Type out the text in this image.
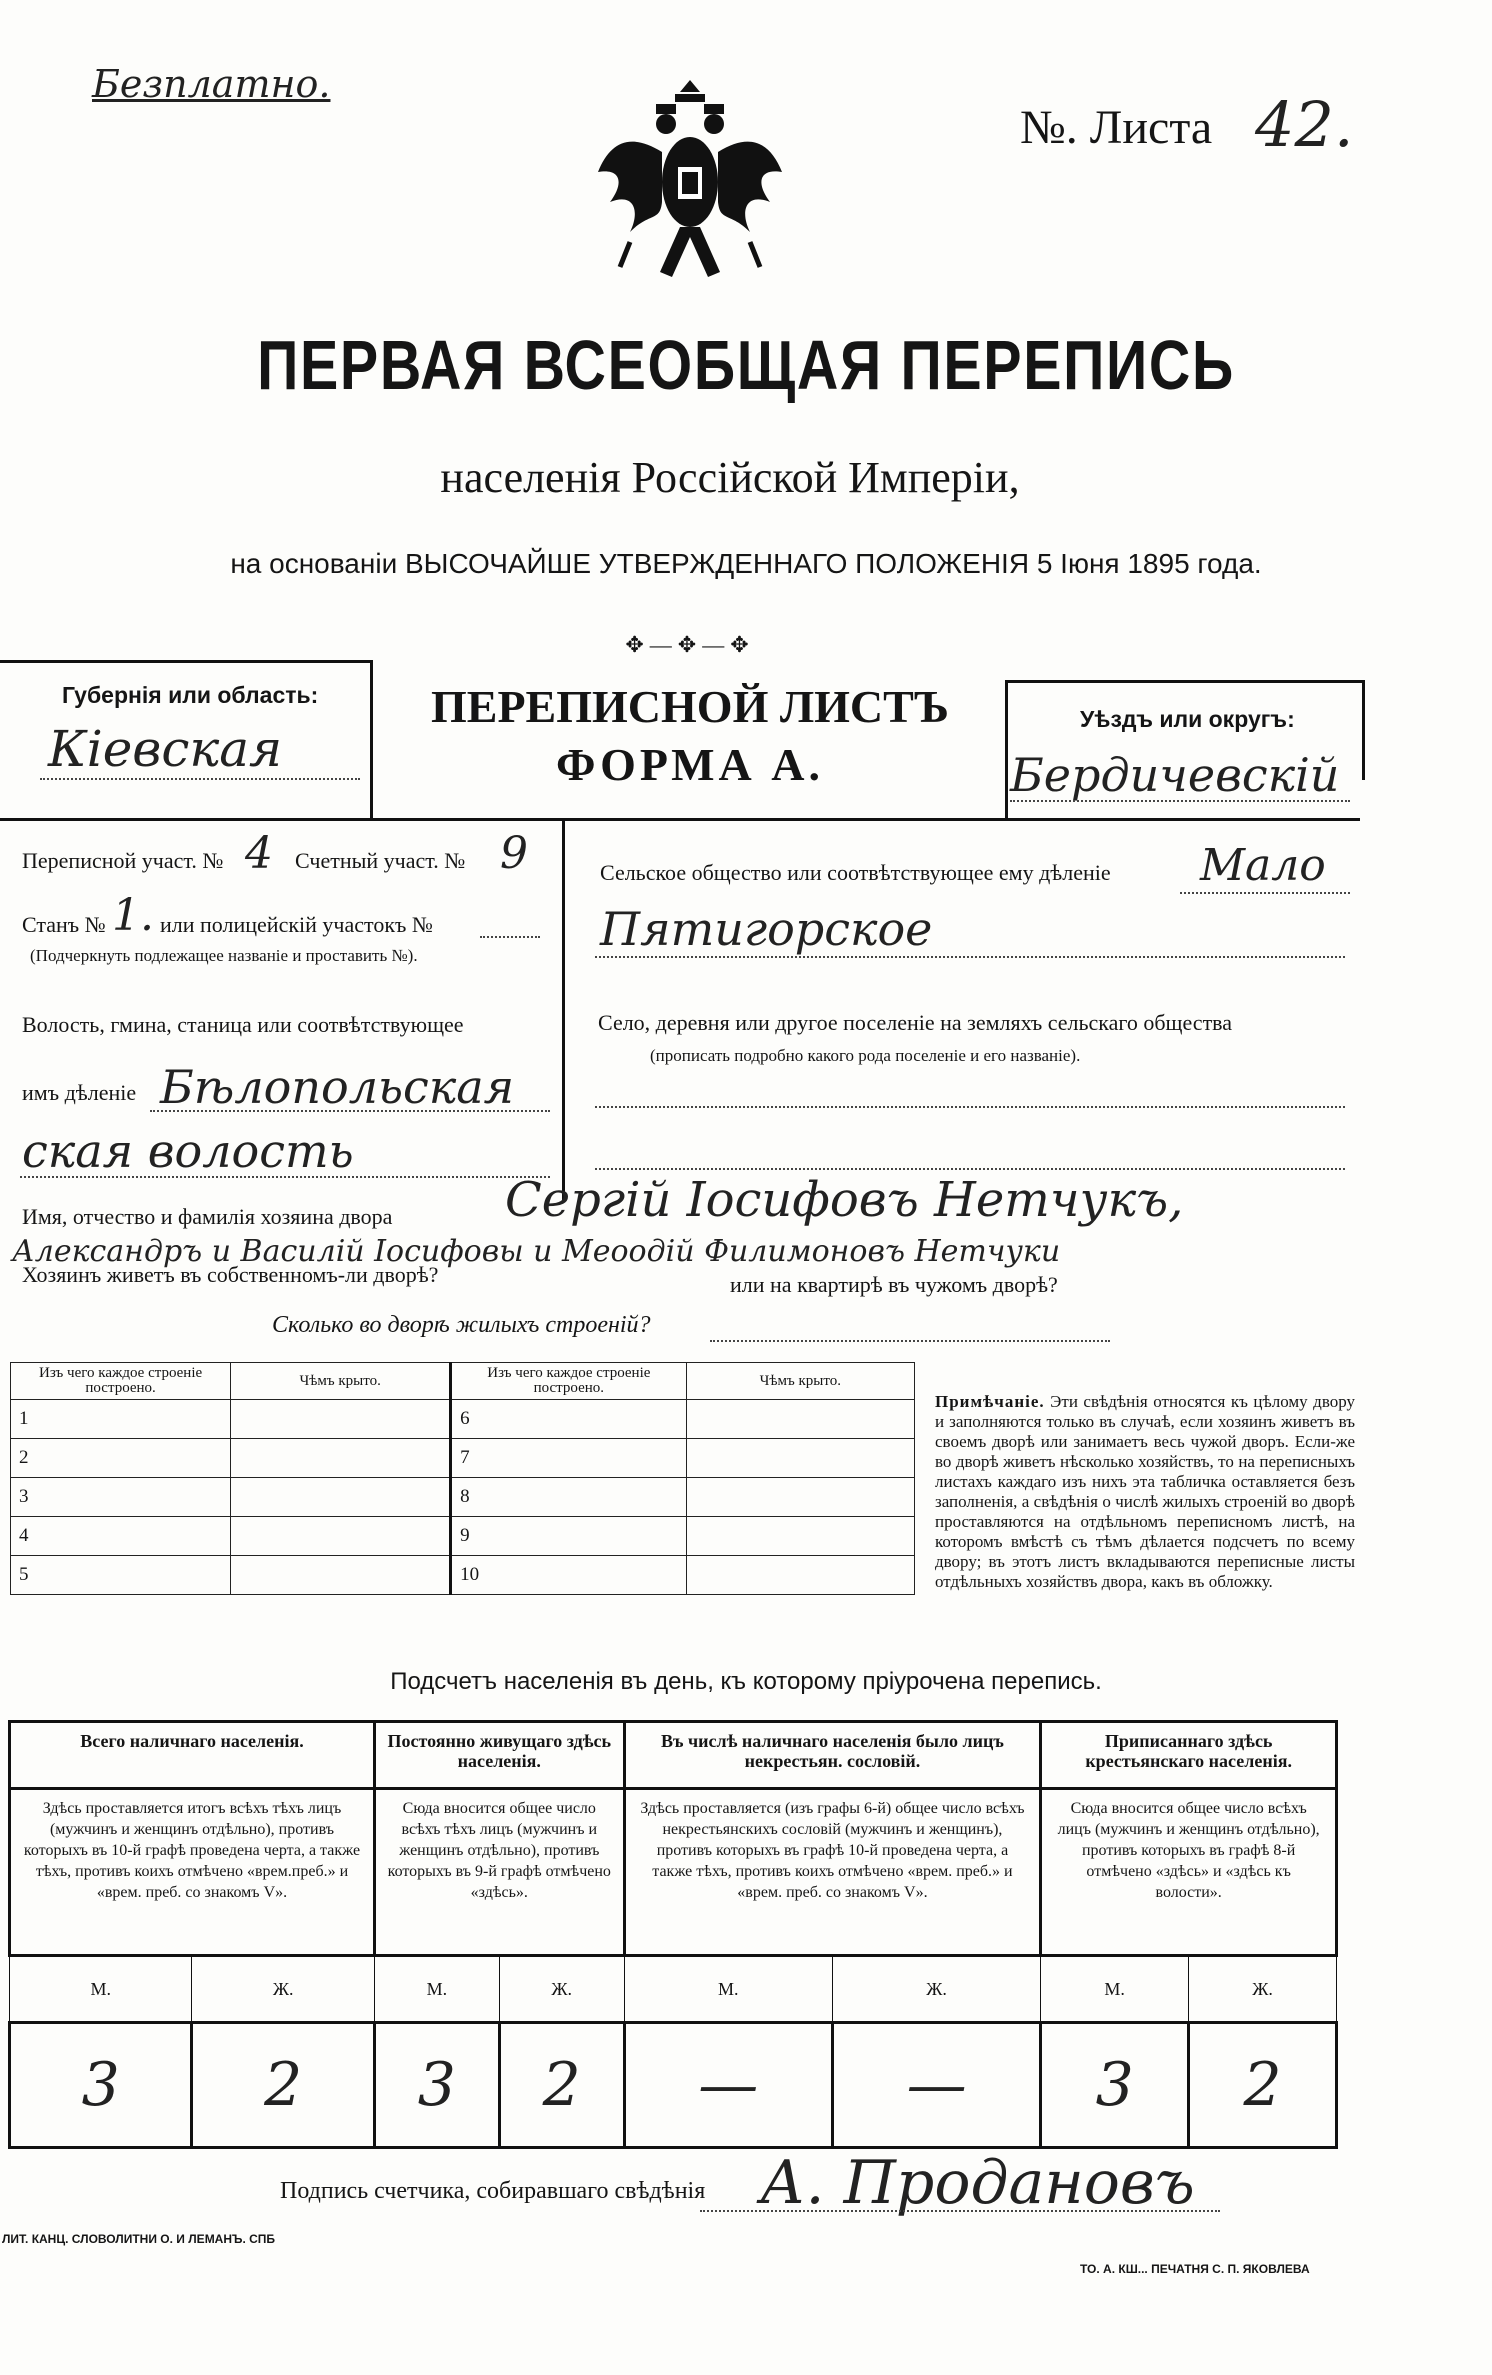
Безплатно.
№. Листа 42.
ПЕРВАЯ ВСЕОБЩАЯ ПЕРЕПИСЬ
населенія Россійской Имперіи,
на основаніи ВЫСОЧАЙШЕ УТВЕРЖДЕННАГО ПОЛОЖЕНІЯ 5 Іюня 1895 года.
✥—✥—✥
Губернія или область:
Кіевская
ПЕРЕПИСНОЙ ЛИСТЪ
ФОРМА А.
Уѣздъ или округъ:
Бердичевскій
Переписной участ. № 4 Счетный участ. № 9
Станъ № 1. или полицейскій участокъ №
(Подчеркнуть подлежащее названіе и проставить №).
Волость, гмина, станица или соотвѣтствующее
имъ дѣленіе Бѣлопольская
ская волость
Сельское общество или соотвѣтствующее ему дѣленіе Мало
Пятигорское
Село, деревня или другое поселеніе на земляхъ сельскаго общества
(прописать подробно какого рода поселеніе и его названіе).
Имя, отчество и фамилія хозяина двора Сергій Іосифовъ Нетчукъ,
Александръ и Василій Іосифовы и Меоодій Филимоновъ Нетчуки
Хозяинъ живетъ въ собственномъ-ли дворѣ?	или на квартирѣ въ чужомъ дворѣ?
Сколько во дворѣ жилыхъ строеній?
Изъ чего каждое строеніе построено.	Чѣмъ крыто.	Изъ чего каждое строеніе построено.	Чѣмъ крыто.
1		6	
2		7	
3		8	
4		9	
5		10	
Примѣчаніе. Эти свѣдѣнія относятся къ цѣлому двору и заполняются только въ случаѣ, если хозяинъ живетъ въ своемъ дворѣ или занимаетъ весь чужой дворъ. Если-же во дворѣ живетъ нѣсколько хозяйствъ, то на переписныхъ листахъ каждаго изъ нихъ эта табличка оставляется безъ заполненія, а свѣдѣнія о числѣ жилыхъ строеній во дворѣ проставляются на отдѣльномъ переписномъ листѣ, на которомъ вмѣстѣ съ тѣмъ дѣлается подсчетъ по всему двору; въ этотъ листъ вкладываются переписные листы отдѣльныхъ хозяйствъ двора, какъ въ обложку.
Подсчетъ населенія въ день, къ которому пріурочена перепись.
Всего наличнаго населенія.		Постоянно живущаго здѣсь населенія.		Въ числѣ наличнаго населенія было лицъ некрестьян. сословій.		Приписаннаго здѣсь крестьянскаго населенія.	
Здѣсь проставляется итогъ всѣхъ тѣхъ лицъ (мужчинъ и женщинъ отдѣльно), противъ которыхъ въ 10-й графѣ проведена черта, а также тѣхъ, противъ коихъ отмѣчено «врем.преб.» и «врем. преб. со знакомъ V».		Сюда вносится общее число всѣхъ тѣхъ лицъ (мужчинъ и женщинъ отдѣльно), противъ которыхъ въ 9-й графѣ отмѣчено «здѣсь».		Здѣсь проставляется (изъ графы 6-й) общее число всѣхъ некрестьянскихъ сословій (мужчинъ и женщинъ), противъ которыхъ въ графѣ 10-й проведена черта, а также тѣхъ, противъ коихъ отмѣчено «врем. преб.» и «врем. преб. со знакомъ V».		Сюда вносится общее число всѣхъ лицъ (мужчинъ и женщинъ отдѣльно), противъ которыхъ въ графѣ 8-й отмѣчено «здѣсь» и «здѣсь къ волости».	
М.	Ж.	М.	Ж.	М.	Ж.	М.	Ж.
3	2	3	2	—	—	3	2
Подпись счетчика, собиравшаго свѣдѣнія А. Продановъ
ЛИТ. КАНЦ. СЛОВОЛИТНИ О. И ЛЕМАНЪ. СПБ
ТО. А. КШ... ПЕЧАТНЯ С. П. ЯКОВЛЕВА
